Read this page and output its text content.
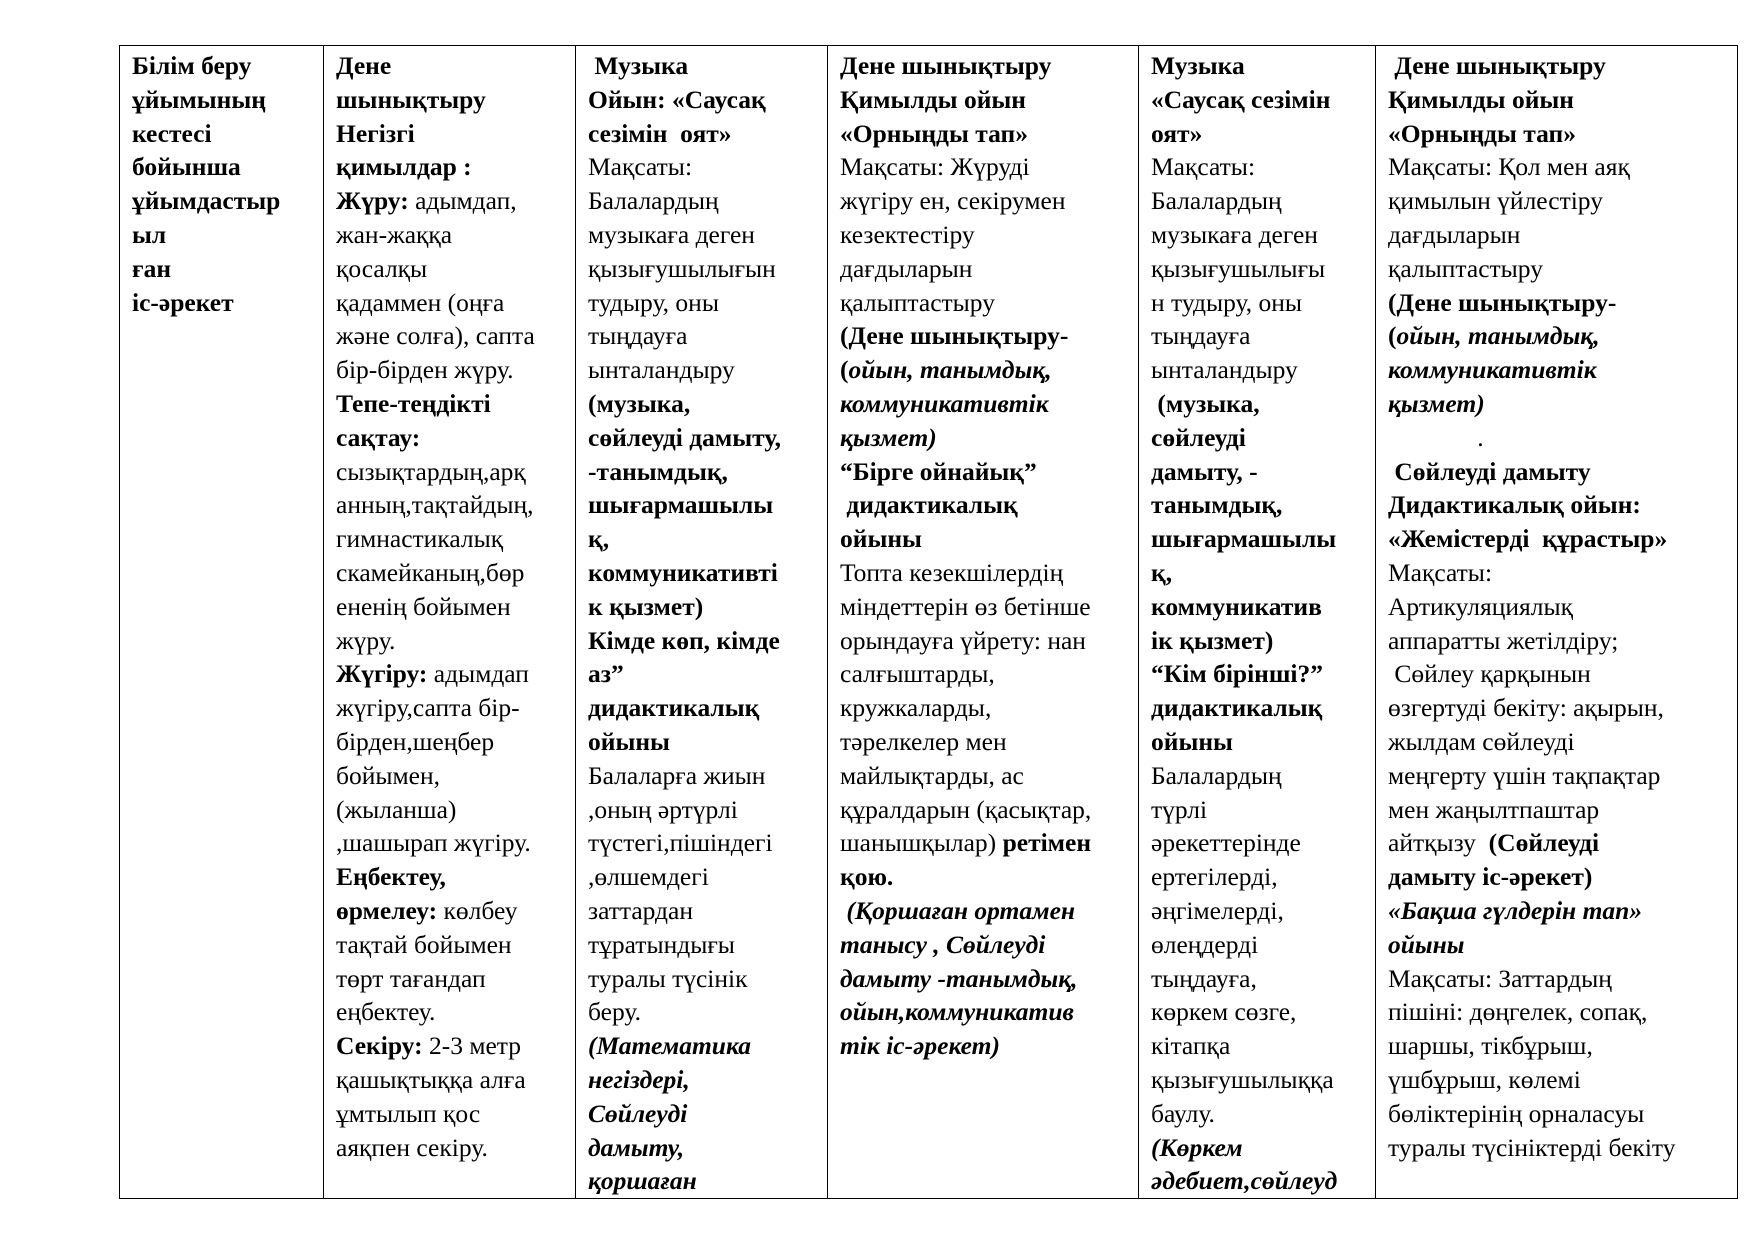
Білім беру
ұйымының
кестесі
бойынша
ұйымдастыр
ыл
ған
іс-әрекет

Дене
шынықтыру
Негізгі
қимылдар :
Жүру: адымдап,
жан-жаққа
қосалқы
қадаммен (оңға
және солға), сапта
бір-бірден жүру.
Тепе-теңдікті
сақтау:
сызықтардың,арқ
анның,тақтайдың,
гимнастикалық
скамейканың,бөр
ененің бойымен
жүру.
Жүгіру: адымдап
жүгіру,сапта бір-
бірден,шеңбер
бойымен,
(жыланша)
,шашырап жүгіру.
Еңбектеу,
өрмелеу: көлбеу
тақтай бойымен
төрт тағандап
еңбектеу.
Секіру: 2-3 метр
қашықтыққа алға
ұмтылып қос
аяқпен секіру.

Музыка
Ойын: «Саусақ
сезімін  оят»
Мақсаты:
Балалардың
музыкаға деген
қызығушылығын
тудыру, оны
тыңдауға
ынталандыру
(музыка,
сөйлеуді дамыту,
-танымдық,
шығармашылы
қ,
коммуникативті
к қызмет)
Кімде көп, кімде
аз”
дидактикалық
ойыны
Балаларға жиын
,оның әртүрлі
түстегі,пішіндегі
,өлшемдегі
заттардан
тұратындығы
туралы түсінік
беру.
(Математика
негіздері,
Сөйлеуді
дамыту,
қоршаған

Дене шынықтыру
Қимылды ойын
«Орныңды тап»
Мақсаты: Жүруді
жүгіру ен, секірумен
кезектестіру
дағдыларын
қалыптастыру
(Дене шынықтыру-
(ойын, танымдық,
коммуникативтік
қызмет)
“Бірге ойнайық”
дидактикалық
ойыны
Топта кезекшілердің
міндеттерін өз бетінше
орындауға үйрету: нан
салғыштарды,
кружкаларды,
тәрелкелер мен
майлықтарды, ас
құралдарын (қасықтар,
шанышқылар) ретімен
қою.
(Қоршаған ортамен
танысу , Сөйлеуді
дамыту -танымдық,
ойын,коммуникатив
тік іс-әрекет)

Музыка
«Саусақ сезімін
оят»
Мақсаты:
Балалардың
музыкаға деген
қызығушылығы
н тудыру, оны
тыңдауға
ынталандыру
(музыка,
сөйлеуді
дамыту, -
танымдық,
шығармашылы
қ,
коммуникатив
ік қызмет)
“Кім бірінші?”
дидактикалық
ойыны
Балалардың
түрлі
әрекеттерінде
ертегілерді,
әңгімелерді,
өлеңдерді
тыңдауға,
көркем сөзге,
кітапқа
қызығушылыққа
баулу.
(Көркем
әдебиет,сөйлеуд

Дене шынықтыру
Қимылды ойын
«Орныңды тап»
Мақсаты: Қол мен аяқ
қимылын үйлестіру
дағдыларын
қалыптастыру
(Дене шынықтыру-
(ойын, танымдық,
коммуникативтік
қызмет)
.
Сөйлеуді дамыту
Дидактикалық ойын:
«Жемістерді  құрастыр»
Мақсаты:
Артикуляциялық
аппаратты жетілдіру;
Сөйлеу қарқынын
өзгертуді бекіту: ақырын,
жылдам сөйлеуді
меңгерту үшін тақпақтар
мен жаңылтпаштар
айтқызу  (Сөйлеуді
дамыту іс-әрекет)
«Бақша гүлдерін тап»
ойыны
Мақсаты: Заттардың
пішіні: дөңгелек, сопақ,
шаршы, тікбұрыш,
үшбұрыш, көлемі
бөліктерінің орналасуы
туралы түсініктерді бекіту
